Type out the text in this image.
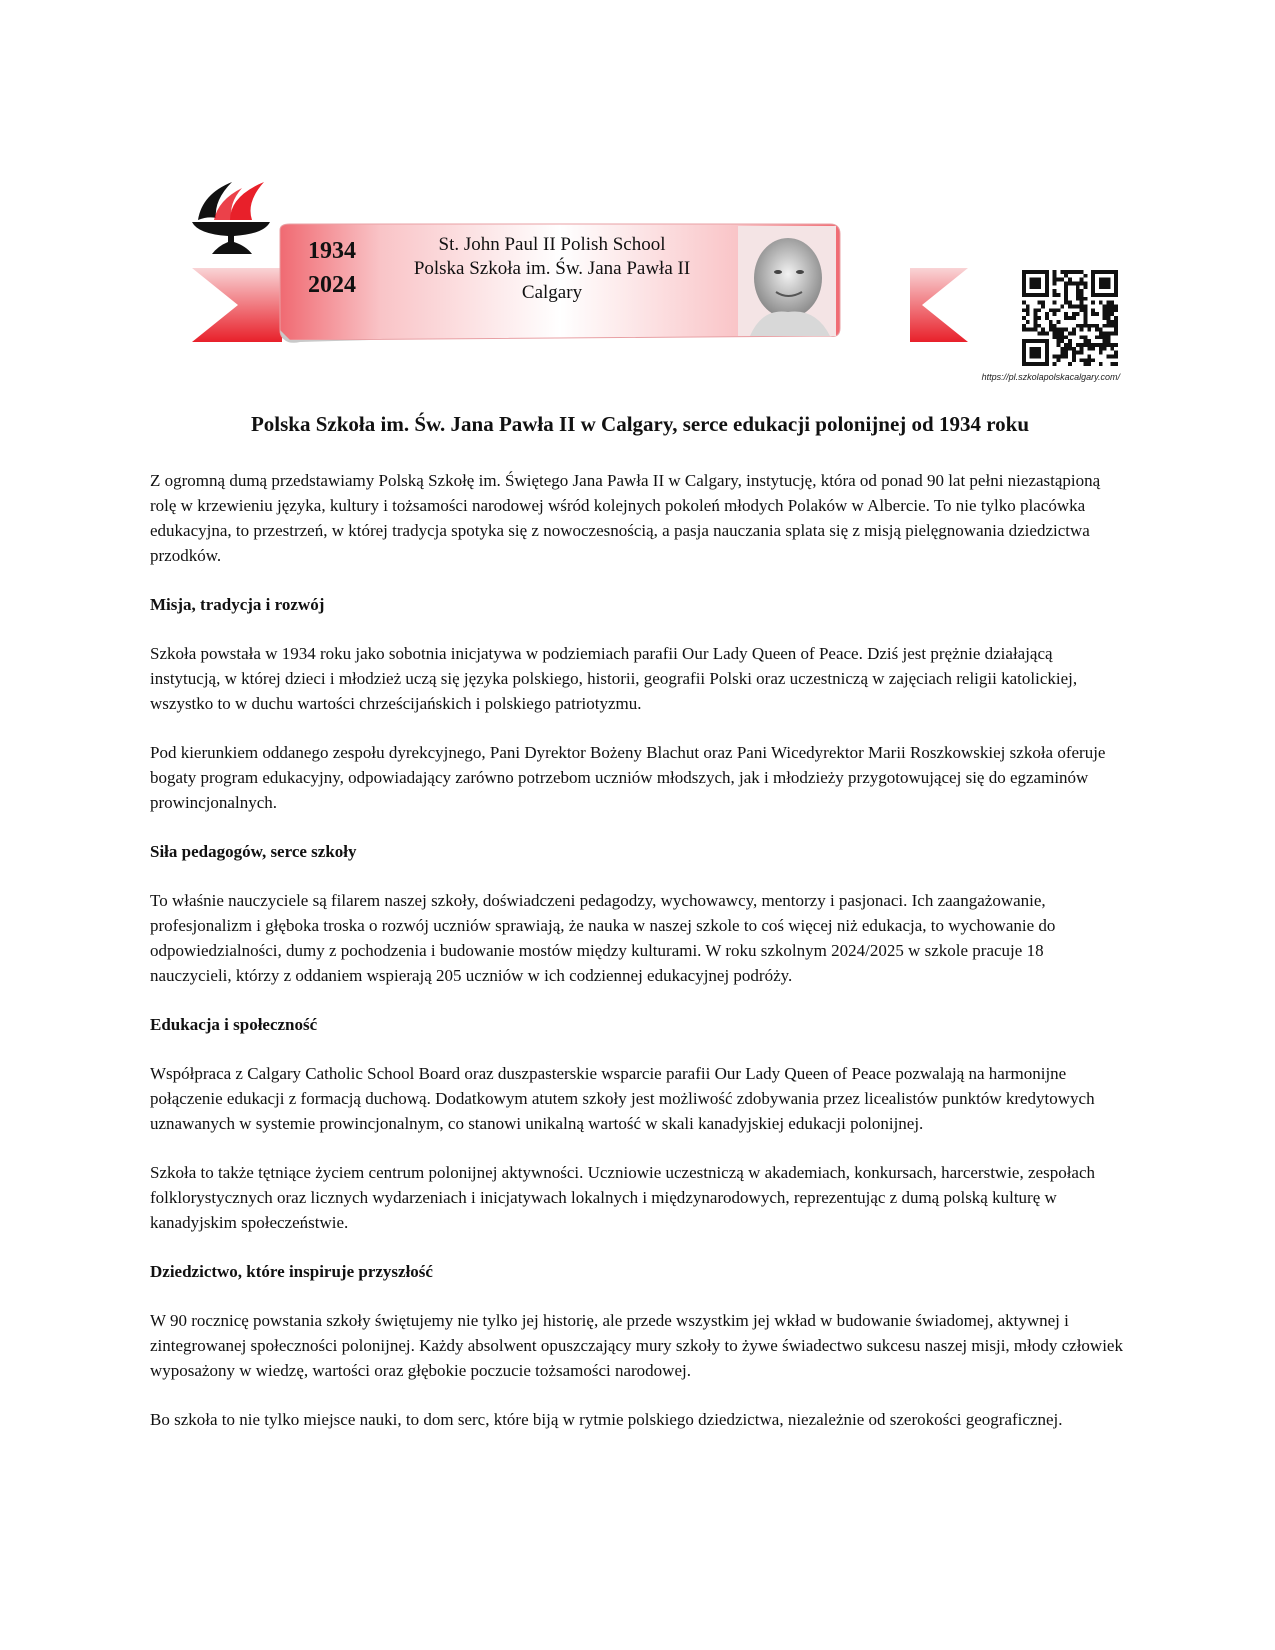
1934
2024
St. John Paul II Polish School
Polska Szkoła im. Św. Jana Pawła II
Calgary
https://pl.szkolapolskacalgary.com/
Polska Szkoła im. Św. Jana Pawła II w Calgary, serce edukacji polonijnej od 1934 roku

Z ogromną dumą przedstawiamy Polską Szkołę im. Świętego Jana Pawła II w Calgary, instytucję, która od ponad 90 lat pełni niezastąpioną rolę w krzewieniu języka, kultury i tożsamości narodowej wśród kolejnych pokoleń młodych Polaków w Albercie. To nie tylko placówka edukacyjna, to przestrzeń, w której tradycja spotyka się z nowoczesnością, a pasja nauczania splata się z misją pielęgnowania dziedzictwa przodków.

Misja, tradycja i rozwój

Szkoła powstała w 1934 roku jako sobotnia inicjatywa w podziemiach parafii Our Lady Queen of Peace. Dziś jest prężnie działającą instytucją, w której dzieci i młodzież uczą się języka polskiego, historii, geografii Polski oraz uczestniczą w zajęciach religii katolickiej, wszystko to w duchu wartości chrześcijańskich i polskiego patriotyzmu.

Pod kierunkiem oddanego zespołu dyrekcyjnego, Pani Dyrektor Bożeny Blachut oraz Pani Wicedyrektor Marii Roszkowskiej szkoła oferuje bogaty program edukacyjny, odpowiadający zarówno potrzebom uczniów młodszych, jak i młodzieży przygotowującej się do egzaminów prowincjonalnych.

Siła pedagogów, serce szkoły

To właśnie nauczyciele są filarem naszej szkoły, doświadczeni pedagodzy, wychowawcy, mentorzy i pasjonaci. Ich zaangażowanie, profesjonalizm i głęboka troska o rozwój uczniów sprawiają, że nauka w naszej szkole to coś więcej niż edukacja, to wychowanie do odpowiedzialności, dumy z pochodzenia i budowanie mostów między kulturami. W roku szkolnym 2024/2025 w szkole pracuje 18 nauczycieli, którzy z oddaniem wspierają 205 uczniów w ich codziennej edukacyjnej podróży.

Edukacja i społeczność

Współpraca z Calgary Catholic School Board oraz duszpasterskie wsparcie parafii Our Lady Queen of Peace pozwalają na harmonijne połączenie edukacji z formacją duchową. Dodatkowym atutem szkoły jest możliwość zdobywania przez licealistów punktów kredytowych uznawanych w systemie prowincjonalnym, co stanowi unikalną wartość w skali kanadyjskiej edukacji polonijnej.

Szkoła to także tętniące życiem centrum polonijnej aktywności. Uczniowie uczestniczą w akademiach, konkursach, harcerstwie, zespołach folklorystycznych oraz licznych wydarzeniach i inicjatywach lokalnych i międzynarodowych, reprezentując z dumą polską kulturę w kanadyjskim społeczeństwie.

Dziedzictwo, które inspiruje przyszłość

W 90 rocznicę powstania szkoły świętujemy nie tylko jej historię, ale przede wszystkim jej wkład w budowanie świadomej, aktywnej i zintegrowanej społeczności polonijnej. Każdy absolwent opuszczający mury szkoły to żywe świadectwo sukcesu naszej misji, młody człowiek wyposażony w wiedzę, wartości oraz głębokie poczucie tożsamości narodowej.

Bo szkoła to nie tylko miejsce nauki, to dom serc, które biją w rytmie polskiego dziedzictwa, niezależnie od szerokości geograficznej.
